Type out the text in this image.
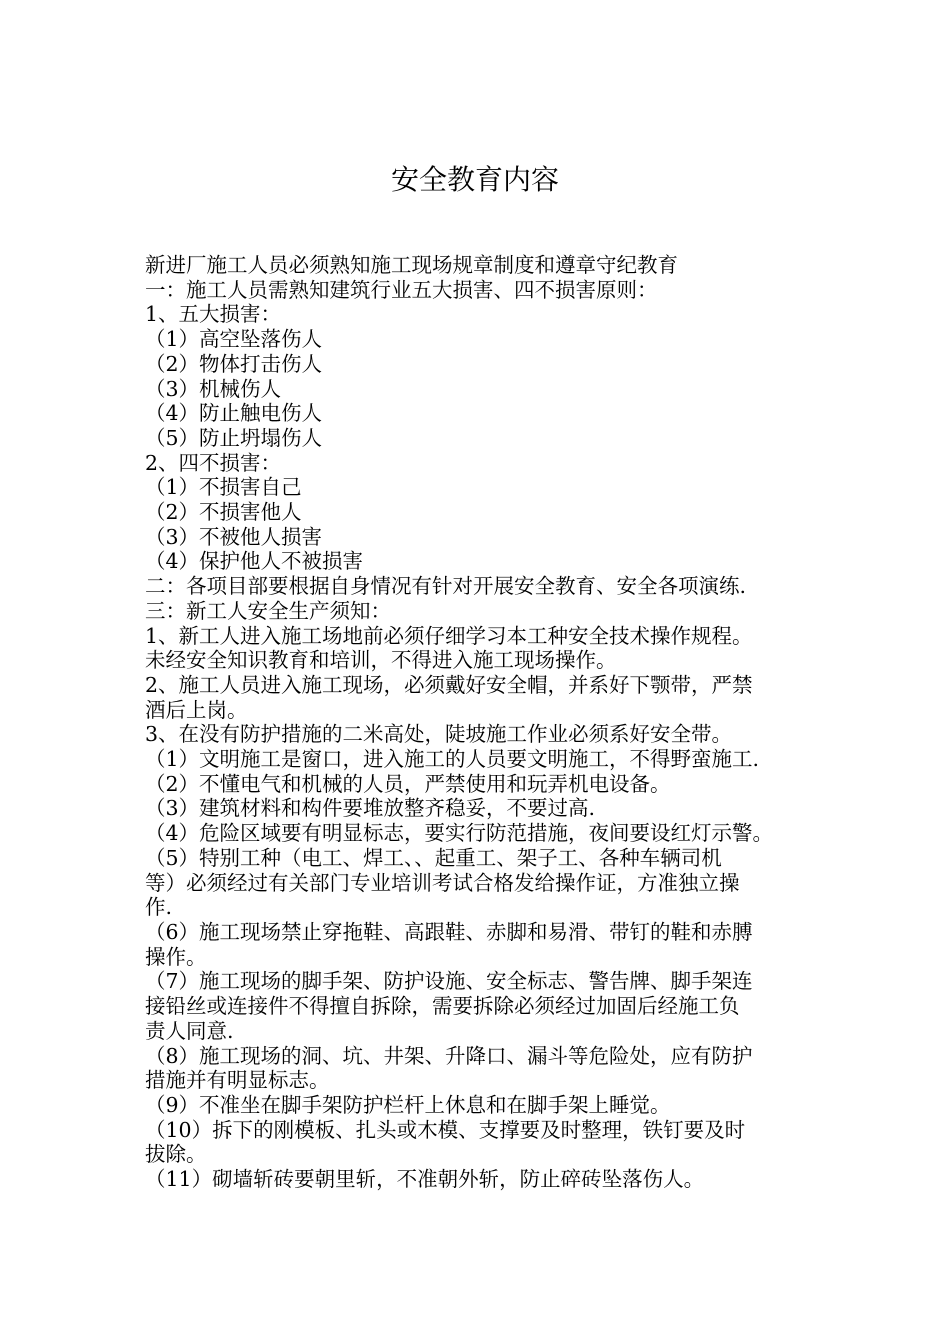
安全教育内容
新进厂施工人员必须熟知施工现场规章制度和遵章守纪教育
一：施工人员需熟知建筑行业五大损害、四不损害原则：
1、五大损害：
（1）高空坠落伤人
（2）物体打击伤人
（3）机械伤人
（4）防止触电伤人
（5）防止坍塌伤人
2、四不损害：
（1）不损害自己
（2）不损害他人
（3）不被他人损害
（4）保护他人不被损害
二：各项目部要根据自身情况有针对开展安全教育、安全各项演练.
三：新工人安全生产须知：
1、新工人进入施工场地前必须仔细学习本工种安全技术操作规程。
未经安全知识教育和培训，不得进入施工现场操作。
2、施工人员进入施工现场，必须戴好安全帽，并系好下颚带，严禁
酒后上岗。
3、在没有防护措施的二米高处，陡坡施工作业必须系好安全带。
（1）文明施工是窗口，进入施工的人员要文明施工，不得野蛮施工.
（2）不懂电气和机械的人员，严禁使用和玩弄机电设备。
（3）建筑材料和构件要堆放整齐稳妥，不要过高.
（4）危险区域要有明显标志，要实行防范措施，夜间要设红灯示警。
（5）特别工种（电工、焊工、、起重工、架子工、各种车辆司机
等）必须经过有关部门专业培训考试合格发给操作证，方准独立操
作.
（6）施工现场禁止穿拖鞋、高跟鞋、赤脚和易滑、带钉的鞋和赤膊
操作。
（7）施工现场的脚手架、防护设施、安全标志、警告牌、脚手架连
接铅丝或连接件不得擅自拆除，需要拆除必须经过加固后经施工负
责人同意.
（8）施工现场的洞、坑、井架、升降口、漏斗等危险处，应有防护
措施并有明显标志。
（9）不准坐在脚手架防护栏杆上休息和在脚手架上睡觉。
（10）拆下的刚模板、扎头或木模、支撑要及时整理，铁钉要及时
拔除。
（11）砌墙斩砖要朝里斩，不准朝外斩，防止碎砖坠落伤人。
